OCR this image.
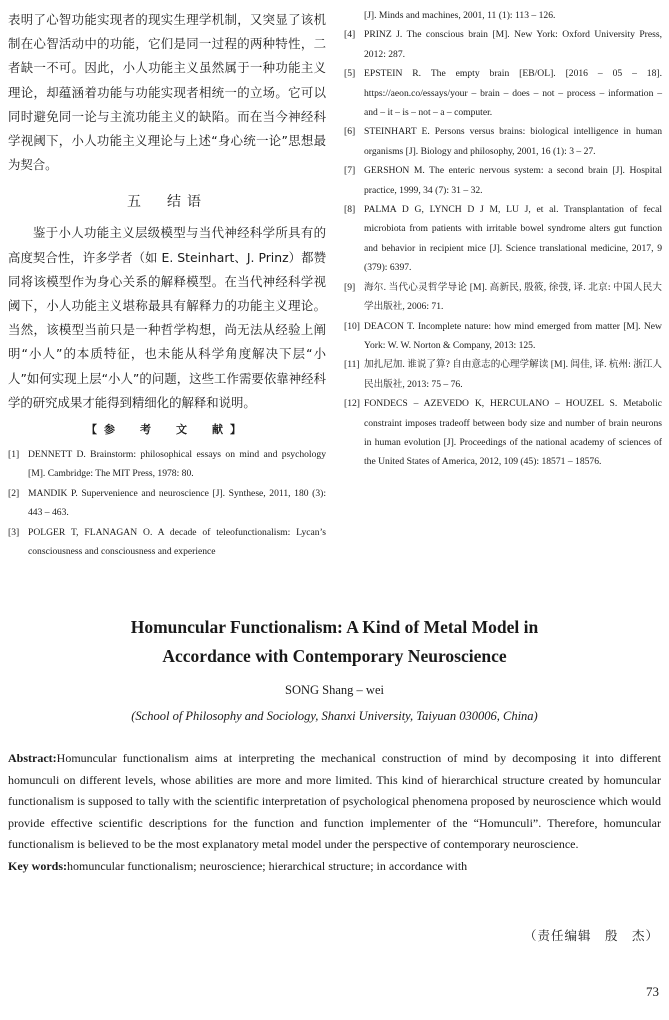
表明了心智功能实现者的现实生理学机制，又突显了该机制在心智活动中的功能，它们是同一过程的两种特性，二者缺一不可。因此，小人功能主义虽然属于一种功能主义理论，却蕴涵着功能与功能实现者相统一的立场。它可以同时避免同一论与主流功能主义的缺陷。而在当今神经科学视阈下，小人功能主义理论与上述“身心统一论”思想最为契合。

五　结语

鉴于小人功能主义层级模型与当代神经科学所具有的高度契合性，许多学者（如 E. Steinhart、J. Prinz）都赞同将该模型作为身心关系的解释模型。在当代神经科学视阈下，小人功能主义堪称最具有解释力的功能主义理论。当然，该模型当前只是一种哲学构想，尚无法从经验上阐明“小人”的本质特征，也未能从科学角度解决下层“小人”如何实现上层“小人”的问题，这些工作需要依靠神经科学的研究成果才能得到精细化的解释和说明。

【参　考　文　献】

[1] DENNETT D. Brainstorm: philosophical essays on mind and psychology [M]. Cambridge: The MIT Press, 1978: 80.

[2] MANDIK P. Supervenience and neuroscience [J]. Synthese, 2011, 180 (3): 443 – 463.

[3] POLGER T, FLANAGAN O. A decade of teleofunctionalism: Lycan’s consciousness and consciousness and experience

[J]. Minds and machines, 2001, 11 (1): 113 – 126.

[4] PRINZ J. The conscious brain [M]. New York: Oxford University Press, 2012: 287.

[5] EPSTEIN R. The empty brain [EB/OL]. [2016 – 05 – 18]. https://aeon.co/essays/your – brain – does – not – process – information – and – it – is – not – a – computer.

[6] STEINHART E. Persons versus brains: biological intelligence in human organisms [J]. Biology and philosophy, 2001, 16 (1): 3 – 27.

[7] GERSHON M. The enteric nervous system: a second brain [J]. Hospital practice, 1999, 34 (7): 31 – 32.

[8] PALMA D G, LYNCH D J M, LU J, et al. Transplantation of fecal microbiota from patients with irritable bowel syndrome alters gut function and behavior in recipient mice [J]. Science translational medicine, 2017, 9 (379): 6397.

[9] 海尔. 当代心灵哲学导论 [M]. 高新民, 殷筱, 徐弢, 译. 北京: 中国人民大学出版社, 2006: 71.

[10] DEACON T. Incomplete nature: how mind emerged from matter [M]. New York: W. W. Norton & Company, 2013: 125.

[11] 加扎尼加. 谁说了算? 自由意志的心理学解读 [M]. 闾佳, 译. 杭州: 浙江人民出版社, 2013: 75 – 76.

[12] FONDECS – AZEVEDO K, HERCULANO – HOUZEL S. Metabolic constraint imposes tradeoff between body size and number of brain neurons in human evolution [J]. Proceedings of the national academy of sciences of the United States of America, 2012, 109 (45): 18571 – 18576.

Homuncular Functionalism: A Kind of Metal Model in
Accordance with Contemporary Neuroscience
SONG Shang – wei
(School of Philosophy and Sociology, Shanxi University, Taiyuan 030006, China)

Abstract:Homuncular functionalism aims at interpreting the mechanical construction of mind by decomposing it into different homunculi on different levels, whose abilities are more and more limited. This kind of hierarchical structure created by homuncular functionalism is supposed to tally with the scientific interpretation of psychological phenomena proposed by neuroscience which would provide effective scientific descriptions for the function and function implementer of the “Homunculi”. Therefore, homuncular functionalism is believed to be the most explanatory metal model under the perspective of contemporary neuroscience.
Key words:homuncular functionalism; neuroscience; hierarchical structure; in accordance with

（责任编辑　殷　杰）
73
